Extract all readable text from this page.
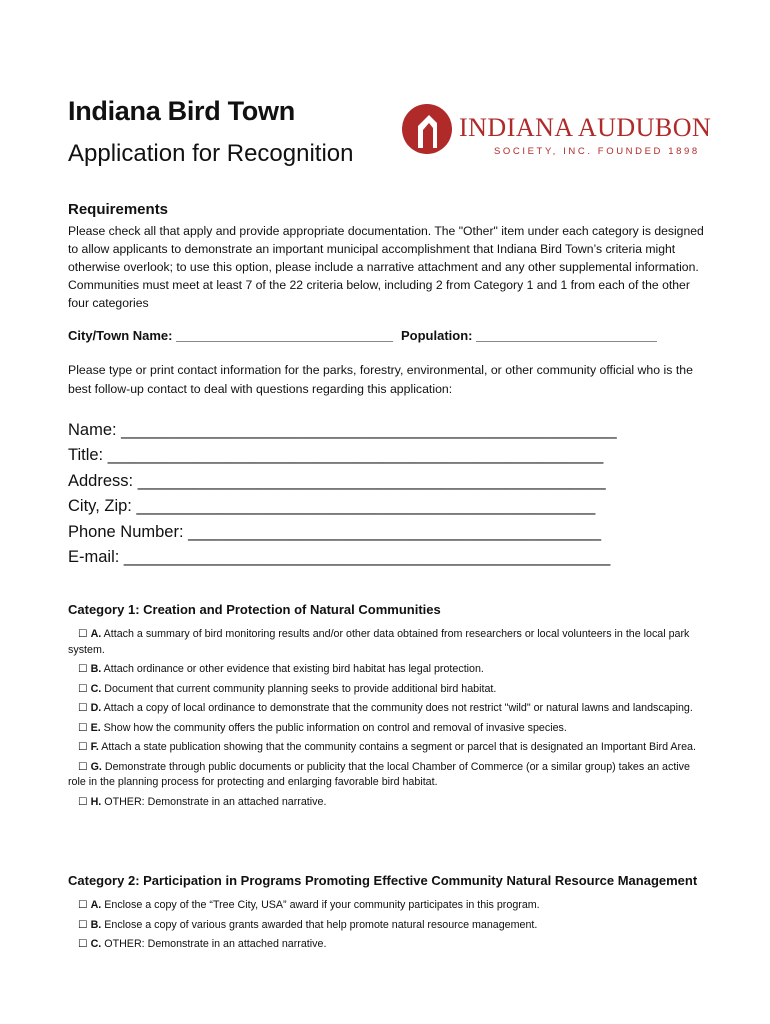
Indiana Bird Town
Application for Recognition
INDIANA AUDUBON
SOCIETY, INC. FOUNDED 1898
Requirements
Please check all that apply and provide appropriate documentation. The "Other" item under each category is designed to allow applicants to demonstrate an important municipal accomplishment that Indiana Bird Town’s criteria might otherwise overlook; to use this option, please include a narrative attachment and any other supplemental information. Communities must meet at least 7 of the 22 criteria below, including 2 from Category 1 and 1 from each of the other four categories
City/Town Name: ______________________________ Population: _________________________
Please type or print contact information for the parks, forestry, environmental, or other community official who is the best follow-up contact to deal with questions regarding this application:
Name: ______________________________________________________
Title: ______________________________________________________
Address: ___________________________________________________
City, Zip: __________________________________________________
Phone Number: _____________________________________________
E-mail: _____________________________________________________
Category 1: Creation and Protection of Natural Communities
☐ A. Attach a summary of bird monitoring results and/or other data obtained from researchers or local volunteers in the local park system.
☐ B. Attach ordinance or other evidence that existing bird habitat has legal protection.
☐ C. Document that current community planning seeks to provide additional bird habitat.
☐ D. Attach a copy of local ordinance to demonstrate that the community does not restrict "wild" or natural lawns and landscaping.
☐ E. Show how the community offers the public information on control and removal of invasive species.
☐ F. Attach a state publication showing that the community contains a segment or parcel that is designated an Important Bird Area.
☐ G. Demonstrate through public documents or publicity that the local Chamber of Commerce (or a similar group) takes an active role in the planning process for protecting and enlarging favorable bird habitat.
☐ H. OTHER: Demonstrate in an attached narrative.
Category 2: Participation in Programs Promoting Effective Community Natural Resource Management
☐ A. Enclose a copy of the “Tree City, USA” award if your community participates in this program.
☐ B. Enclose a copy of various grants awarded that help promote natural resource management.
☐ C. OTHER: Demonstrate in an attached narrative.
